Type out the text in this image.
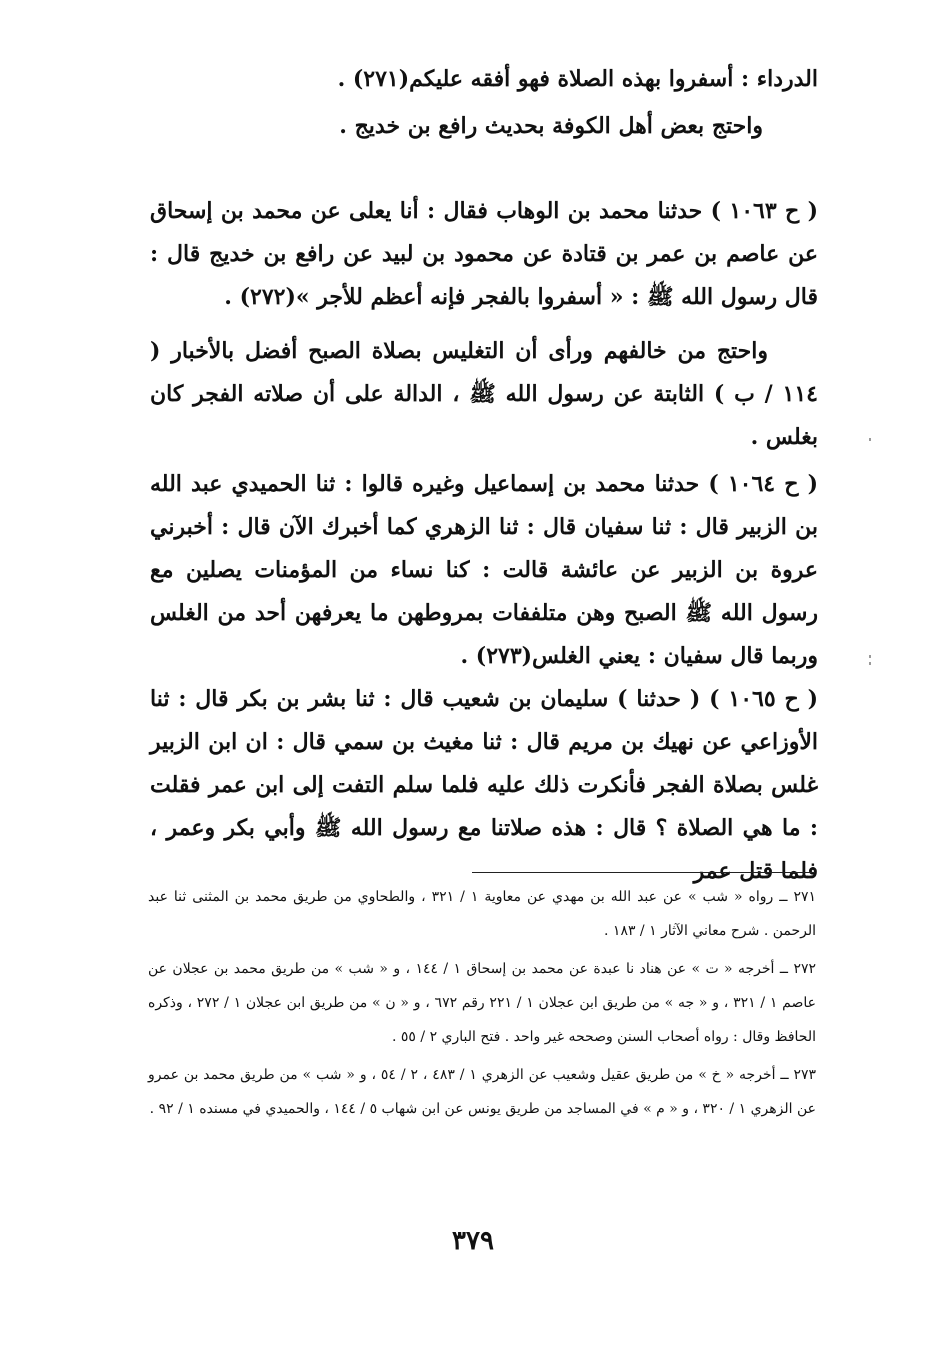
الدرداء : أسفروا بهذه الصلاة فهو أفقه عليكم(٢٧١) .

واحتج بعض أهل الكوفة بحديث رافع بن خديج .

( ح ١٠٦٣ ) حدثنا محمد بن الوهاب فقال : أنا يعلى عن محمد بن إسحاق عن عاصم بن عمر بن قتادة عن محمود بن لبيد عن رافع بن خديج قال : قال رسول الله ﷺ : « أسفروا بالفجر فإنه أعظم للأجر »(٢٧٢) .

واحتج من خالفهم ورأى أن التغليس بصلاة الصبح أفضل بالأخبار ( ١١٤ / ب ) الثابتة عن رسول الله ﷺ ، الدالة على أن صلاته الفجر كان بغلس .

( ح ١٠٦٤ ) حدثنا محمد بن إسماعيل وغيره قالوا : ثنا الحميدي عبد الله بن الزبير قال : ثنا سفيان قال : ثنا الزهري كما أخبرك الآن قال : أخبرني عروة بن الزبير عن عائشة قالت : كنا نساء من المؤمنات يصلين مع رسول الله ﷺ الصبح وهن متلففات بمروطهن ما يعرفهن أحد من الغلس وربما قال سفيان : يعني الغلس(٢٧٣) .

( ح ١٠٦٥ ) ( حدثنا ) سليمان بن شعيب قال : ثنا بشر بن بكر قال : ثنا الأوزاعي عن نهيك بن مريم قال : ثنا مغيث بن سمي قال : ان ابن الزبير غلس بصلاة الفجر فأنكرت ذلك عليه فلما سلم التفت إلى ابن عمر فقلت : ما هي الصلاة ؟ قال : هذه صلاتنا مع رسول الله ﷺ وأبي بكر وعمر ، فلما قتل عمر

٢٧١ ــ رواه « شب » عن عبد الله بن مهدي عن معاوية ١ / ٣٢١ ، والطحاوي من طريق محمد بن المثنى ثنا عبد الرحمن . شرح معاني الآثار ١ / ١٨٣ .

٢٧٢ ــ أخرجه « ت » عن هناد نا عبدة عن محمد بن إسحاق ١ / ١٤٤ ، و « شب » من طريق محمد بن عجلان عن عاصم ١ / ٣٢١ ، و « جه » من طريق ابن عجلان ١ / ٢٢١ رقم ٦٧٢ ، و « ن » من طريق ابن عجلان ١ / ٢٧٢ ، وذكره الحافظ وقال : رواه أصحاب السنن وصححه غير واحد . فتح الباري ٢ / ٥٥ .

٢٧٣ ــ أخرجه « خ » من طريق عقيل وشعيب عن الزهري ١ / ٤٨٣ ، ٢ / ٥٤ ، و « شب » من طريق محمد بن عمرو عن الزهري ١ / ٣٢٠ ، و « م » في المساجد من طريق يونس عن ابن شهاب ٥ / ١٤٤ ، والحميدي في مسنده ١ / ٩٢ .

٣٧٩
